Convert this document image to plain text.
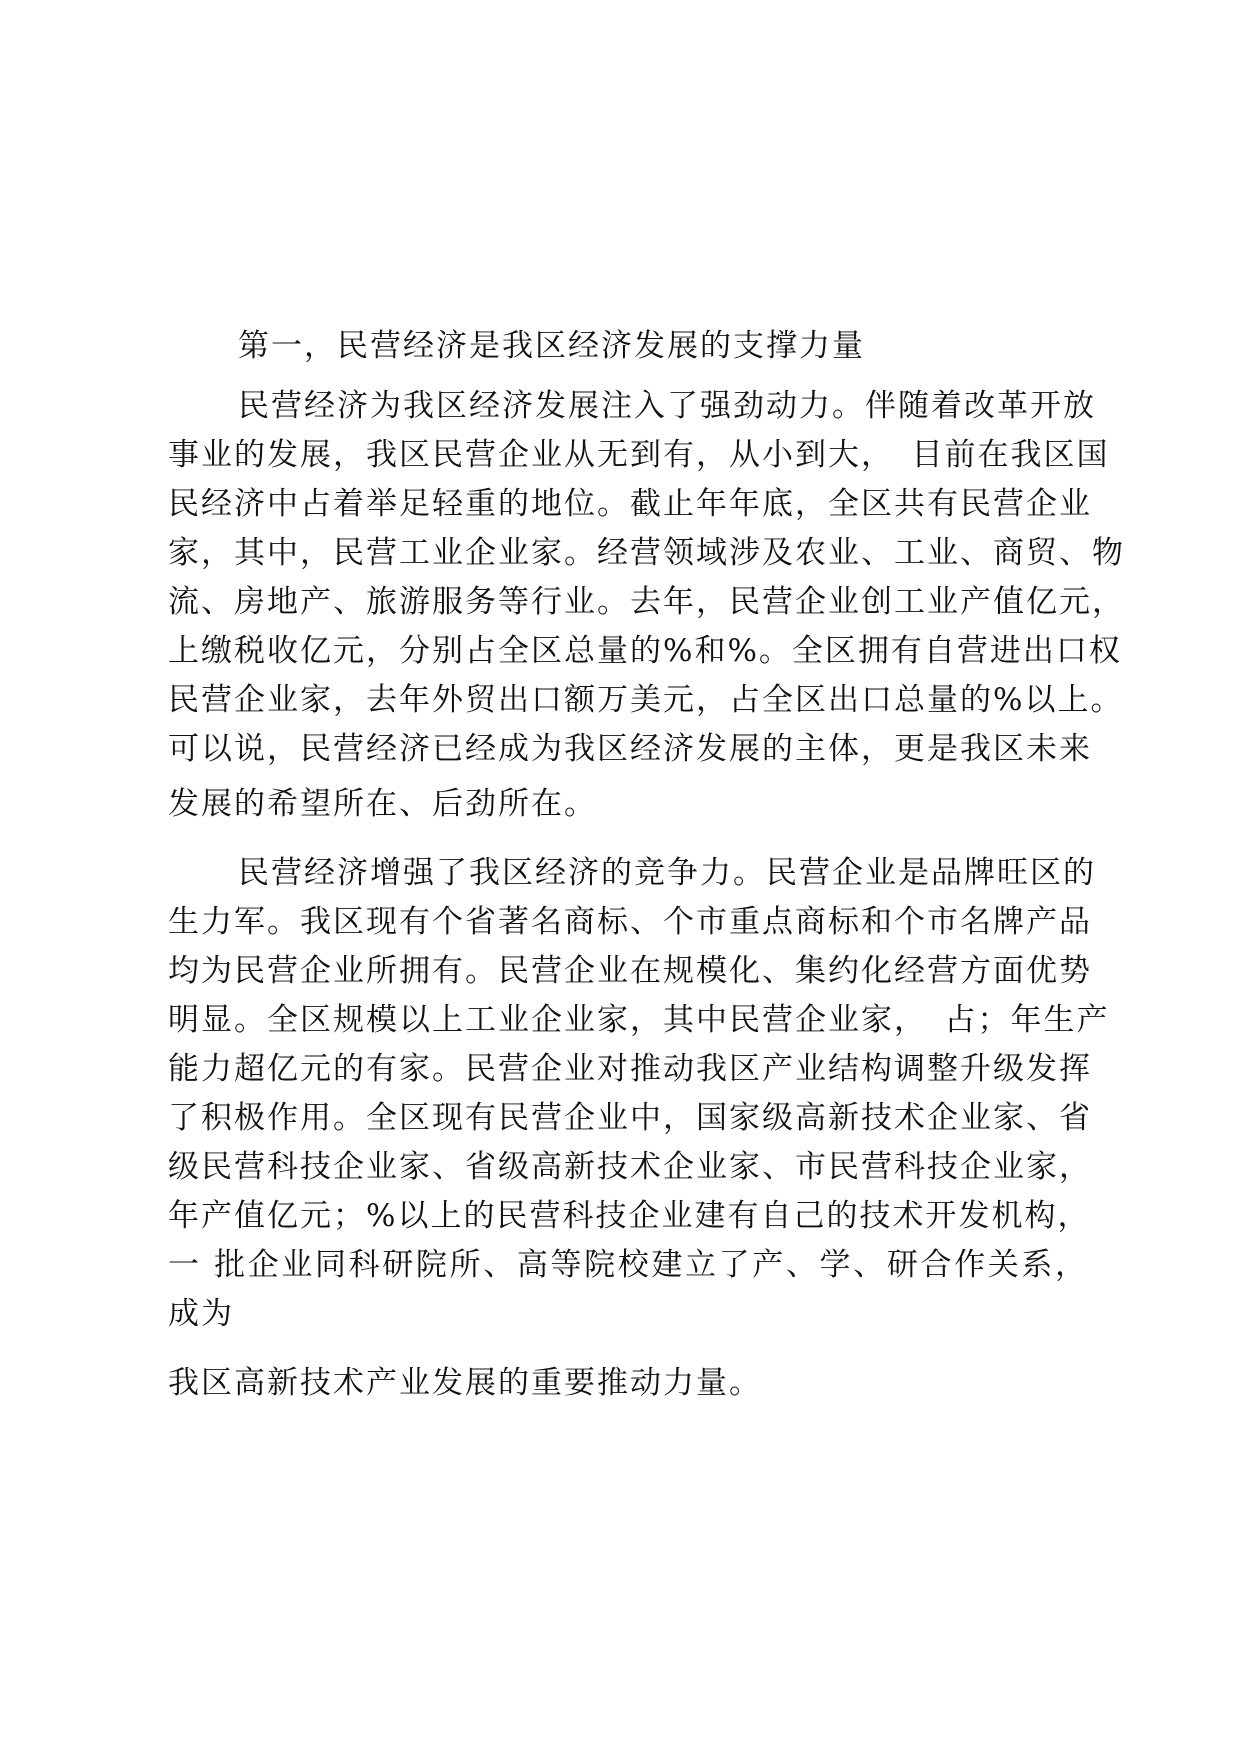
第一，民营经济是我区经济发展的支撑力量
民营经济为我区经济发展注入了强劲动力。伴随着改革开放
事业的发展，我区民营企业从无到有，从小到大，　目前在我区国
民经济中占着举足轻重的地位。截止年年底，全区共有民营企业
家，其中，民营工业企业家。经营领域涉及农业、工业、商贸、物
流、房地产、旅游服务等行业。去年，民营企业创工业产值亿元，
上缴税收亿元，分别占全区总量的%和%。全区拥有自营进出口权
民营企业家，去年外贸出口额万美元，占全区出口总量的%以上。
可以说，民营经济已经成为我区经济发展的主体，更是我区未来
发展的希望所在、后劲所在。
民营经济增强了我区经济的竞争力。民营企业是品牌旺区的
生力军。我区现有个省著名商标、个市重点商标和个市名牌产品
均为民营企业所拥有。民营企业在规模化、集约化经营方面优势
明显。全区规模以上工业企业家，其中民营企业家，　占；年生产
能力超亿元的有家。民营企业对推动我区产业结构调整升级发挥
了积极作用。全区现有民营企业中，国家级高新技术企业家、省
级民营科技企业家、省级高新技术企业家、市民营科技企业家，
年产值亿元；%以上的民营科技企业建有自己的技术开发机构，
一 批企业同科研院所、高等院校建立了产、学、研合作关系，
成为
我区高新技术产业发展的重要推动力量。
